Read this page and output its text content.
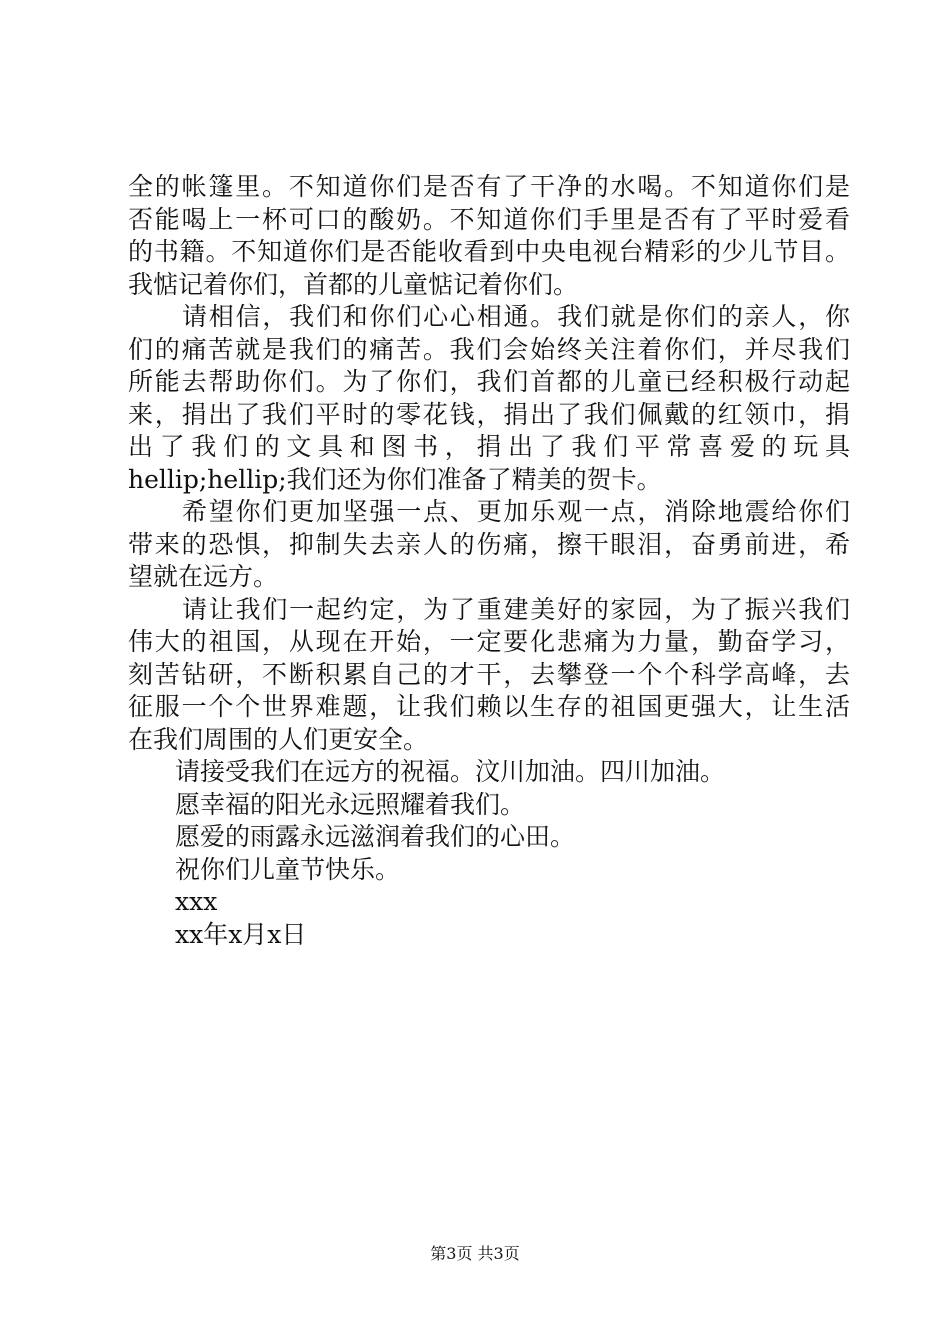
全的帐篷里。不知道你们是否有了干净的水喝。不知道你们是
否能喝上一杯可口的酸奶。不知道你们手里是否有了平时爱看
的书籍。不知道你们是否能收看到中央电视台精彩的少儿节目。
我惦记着你们，首都的儿童惦记着你们。
请相信，我们和你们心心相通。我们就是你们的亲人，你
们的痛苦就是我们的痛苦。我们会始终关注着你们，并尽我们
所能去帮助你们。为了你们，我们首都的儿童已经积极行动起
来，捐出了我们平时的零花钱，捐出了我们佩戴的红领巾，捐
出了我们的文具和图书，捐出了我们平常喜爱的玩具
hellip;hellip;我们还为你们准备了精美的贺卡。
希望你们更加坚强一点、更加乐观一点，消除地震给你们
带来的恐惧，抑制失去亲人的伤痛，擦干眼泪，奋勇前进，希
望就在远方。
请让我们一起约定，为了重建美好的家园，为了振兴我们
伟大的祖国，从现在开始，一定要化悲痛为力量，勤奋学习，
刻苦钻研，不断积累自己的才干，去攀登一个个科学高峰，去
征服一个个世界难题，让我们赖以生存的祖国更强大，让生活
在我们周围的人们更安全。
请接受我们在远方的祝福。汶川加油。四川加油。
愿幸福的阳光永远照耀着我们。
愿爱的雨露永远滋润着我们的心田。
祝你们儿童节快乐。
xxx
xx年x月x日
第3页 共3页
